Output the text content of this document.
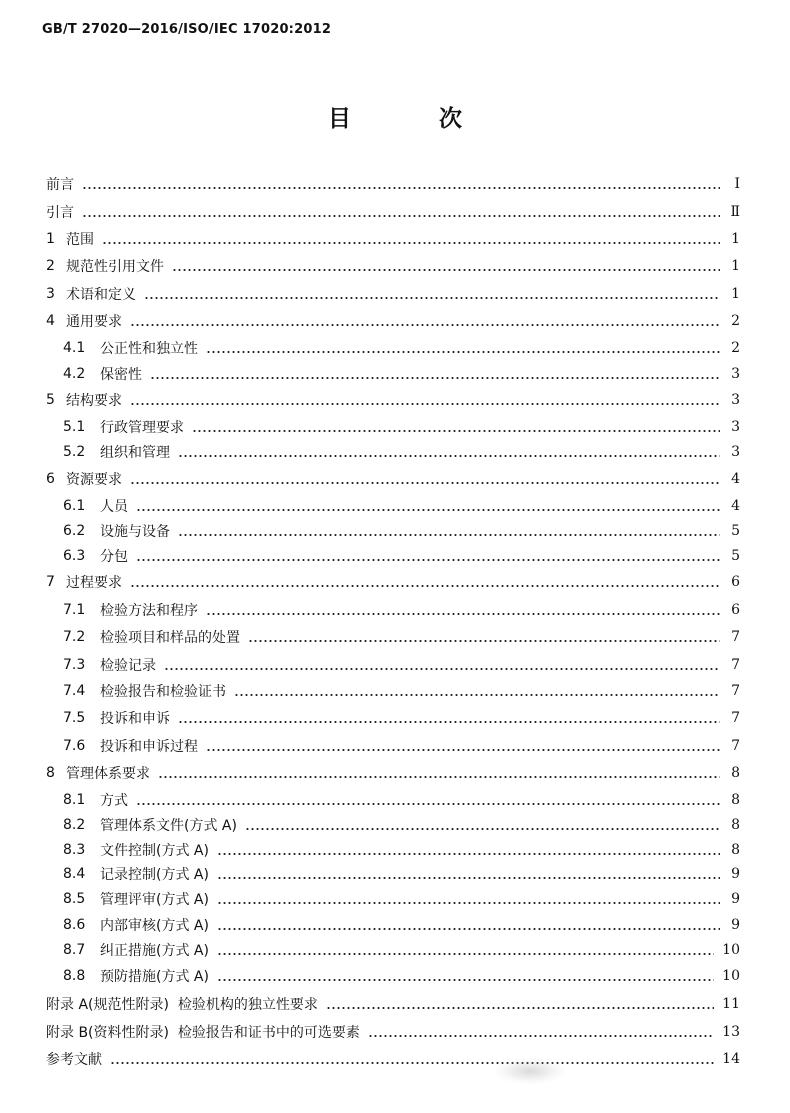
GB/T 27020—2016/ISO/IEC 17020:2012
目 次
前言	Ⅰ
引言	Ⅱ
1 范围	1
2 规范性引用文件	1
3 术语和定义	1
4 通用要求	2
4.1	公正性和独立性	2
4.2	保密性	3
5 结构要求	3
5.1	行政管理要求	3
5.2	组织和管理	3
6 资源要求	4
6.1	人员	4
6.2	设施与设备	5
6.3	分包	5
7 过程要求	6
7.1	检验方法和程序	6
7.2	检验项目和样品的处置	7
7.3	检验记录	7
7.4	检验报告和检验证书	7
7.5	投诉和申诉	7
7.6	投诉和申诉过程	7
8 管理体系要求	8
8.1	方式	8
8.2	管理体系文件(方式 A)	8
8.3	文件控制(方式 A)	8
8.4	记录控制(方式 A)	9
8.5	管理评审(方式 A)	9
8.6	内部审核(方式 A)	9
8.7	纠正措施(方式 A)	10
8.8	预防措施(方式 A)	10
附录 A(规范性附录)  检验机构的独立性要求	11
附录 B(资料性附录)  检验报告和证书中的可选要素	13
参考文献	14
